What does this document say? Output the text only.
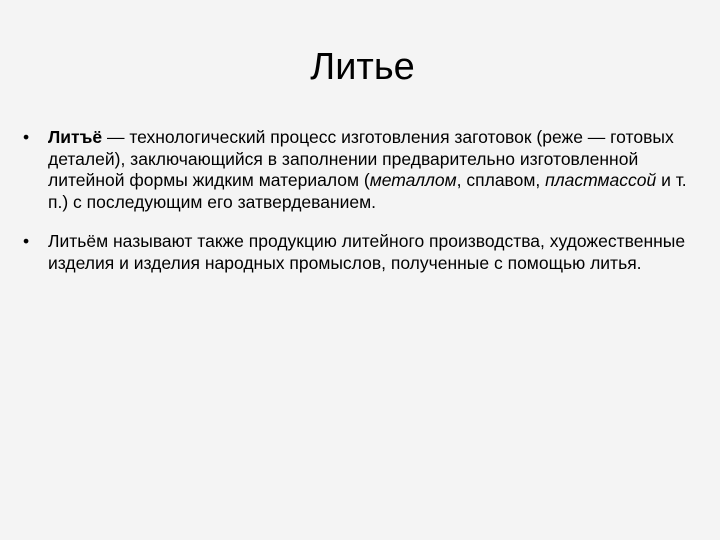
Литье
•	Литъё — технологический процесс изготовления заготовок (реже — готовых деталей), заключающийся в заполнении предварительно изготовленной литейной формы жидким материалом (металлом, сплавом, пластмассой и т. п.) с последующим его затвердеванием.
•	Литьём называют также продукцию литейного производства, художественные изделия и изделия народных промыслов, полученные с помощью литья.
